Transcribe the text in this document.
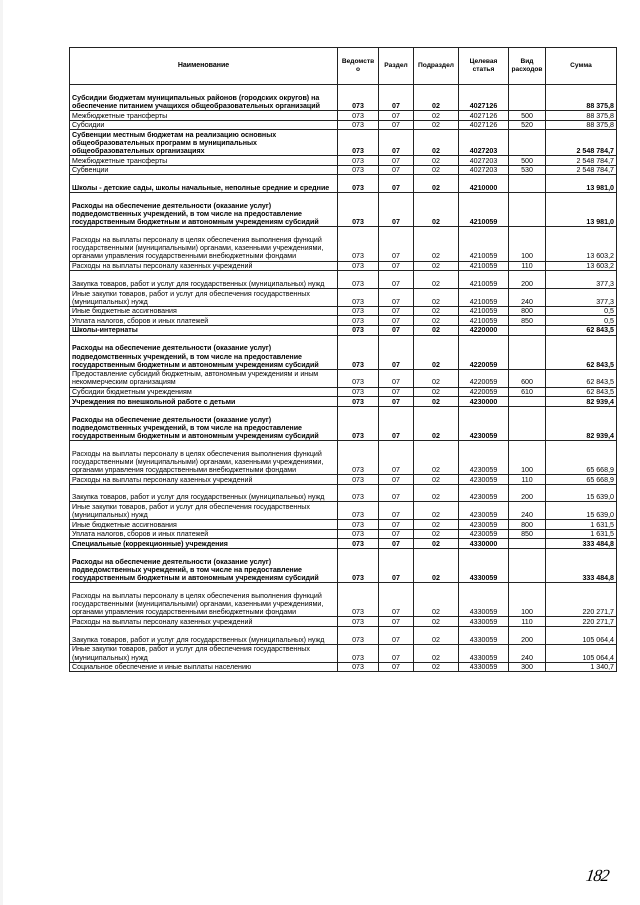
Наименование	Ведомство	Раздел	Подраздел	Целевая статья	Вид расходов	Сумма
Субсидии бюджетам муниципальных районов (городских округов) на обеспечение питанием учащихся общеобразовательных организаций	073	07	02	4027126		88 375,8
Межбюджетные трансферты	073	07	02	4027126	500	88 375,8
Субсидии	073	07	02	4027126	520	88 375,8
Субвенции местным бюджетам на реализацию основных общеобразовательных программ в муниципальных общеобразовательных организациях	073	07	02	4027203		2 548 784,7
Межбюджетные трансферты	073	07	02	4027203	500	2 548 784,7
Субвенции	073	07	02	4027203	530	2 548 784,7
Школы - детские сады, школы начальные, неполные средние и средние	073	07	02	4210000		13 981,0
Расходы на обеспечение деятельности (оказание услуг) подведомственных учреждений, в том числе на предоставление государственным бюджетным и автономным учреждениям субсидий	073	07	02	4210059		13 981,0
Расходы на выплаты персоналу в целях обеспечения выполнения функций государственными (муниципальными) органами, казенными учреждениями, органами управления государственными внебюджетными фондами	073	07	02	4210059	100	13 603,2
Расходы на выплаты персоналу казенных учреждений	073	07	02	4210059	110	13 603,2
Закупка товаров, работ и услуг для государственных (муниципальных) нужд	073	07	02	4210059	200	377,3
Иные закупки товаров, работ и услуг для обеспечения государственных (муниципальных) нужд	073	07	02	4210059	240	377,3
Иные бюджетные ассигнования	073	07	02	4210059	800	0,5
Уплата налогов, сборов и иных платежей	073	07	02	4210059	850	0,5
Школы-интернаты	073	07	02	4220000		62 843,5
Расходы на обеспечение деятельности (оказание услуг) подведомственных учреждений, в том числе на предоставление государственным бюджетным и автономным учреждениям субсидий	073	07	02	4220059		62 843,5
Предоставление субсидий бюджетным, автономным учреждениям и иным некоммерческим организациям	073	07	02	4220059	600	62 843,5
Субсидии бюджетным учреждениям	073	07	02	4220059	610	62 843,5
Учреждения по внешкольной работе с детьми	073	07	02	4230000		82 939,4
Расходы на обеспечение деятельности (оказание услуг) подведомственных учреждений, в том числе на предоставление государственным бюджетным и автономным учреждениям субсидий	073	07	02	4230059		82 939,4
Расходы на выплаты персоналу в целях обеспечения выполнения функций государственными (муниципальными) органами, казенными учреждениями, органами управления государственными внебюджетными фондами	073	07	02	4230059	100	65 668,9
Расходы на выплаты персоналу казенных учреждений	073	07	02	4230059	110	65 668,9
Закупка товаров, работ и услуг для государственных (муниципальных) нужд	073	07	02	4230059	200	15 639,0
Иные закупки товаров, работ и услуг для обеспечения государственных (муниципальных) нужд	073	07	02	4230059	240	15 639,0
Иные бюджетные ассигнования	073	07	02	4230059	800	1 631,5
Уплата налогов, сборов и иных платежей	073	07	02	4230059	850	1 631,5
Специальные (коррекционные) учреждения	073	07	02	4330000		333 484,8
Расходы на обеспечение деятельности (оказание услуг) подведомственных учреждений, в том числе на предоставление государственным бюджетным и автономным учреждениям субсидий	073	07	02	4330059		333 484,8
Расходы на выплаты персоналу в целях обеспечения выполнения функций государственными (муниципальными) органами, казенными учреждениями, органами управления государственными внебюджетными фондами	073	07	02	4330059	100	220 271,7
Расходы на выплаты персоналу казенных учреждений	073	07	02	4330059	110	220 271,7
Закупка товаров, работ и услуг для государственных (муниципальных) нужд	073	07	02	4330059	200	105 064,4
Иные закупки товаров, работ и услуг для обеспечения государственных (муниципальных) нужд	073	07	02	4330059	240	105 064,4
Социальное обеспечение и иные выплаты населению	073	07	02	4330059	300	1 340,7
182
